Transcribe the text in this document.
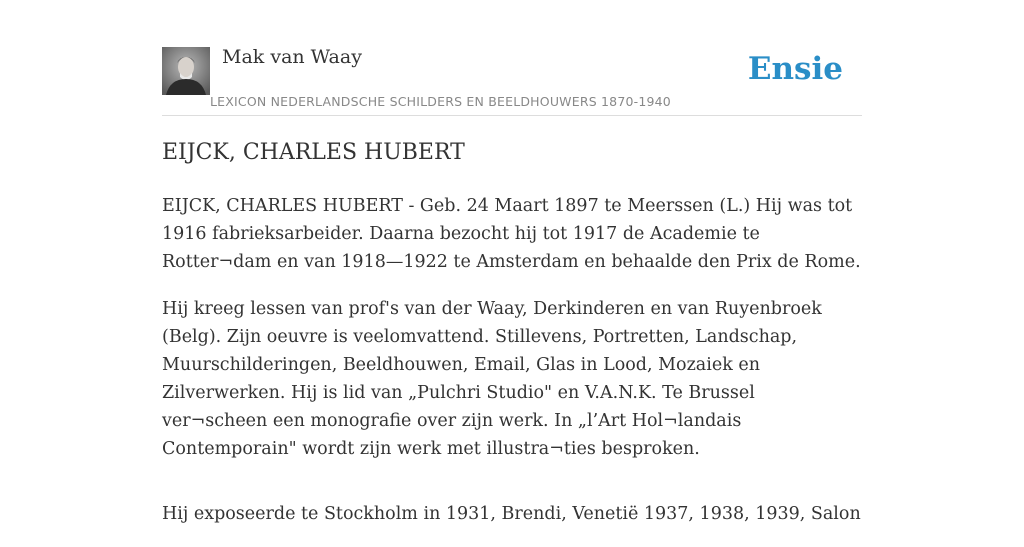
Mak van Waay
LEXICON NEDERLANDSCHE SCHILDERS EN BEELDHOUWERS 1870-1940
Ensie
EIJCK, CHARLES HUBERT

EIJCK, CHARLES HUBERT - Geb. 24 Maart 1897 te Meerssen (L.) Hij was tot 1916 fabrieksarbeider. Daarna bezocht hij tot 1917 de Academie te Rotter¬dam en van 1918—1922 te Amsterdam en behaalde den Prix de Rome.

Hij kreeg lessen van prof's van der Waay, Derkinderen en van Ruyenbroek (Belg). Zijn oeuvre is veelomvattend. Stillevens, Portretten, Landschap, Muurschilderingen, Beeldhouwen, Email, Glas in Lood, Mozaiek en Zilverwerken. Hij is lid van „Pulchri Studio" en V.A.N.K. Te Brussel ver¬scheen een monografie over zijn werk. In „l’Art Hol¬landais Contemporain" wordt zijn werk met illustra¬ties besproken.

Hij exposeerde te Stockholm in 1931, Brendi, Venetië 1937, 1938, 1939, Salon
